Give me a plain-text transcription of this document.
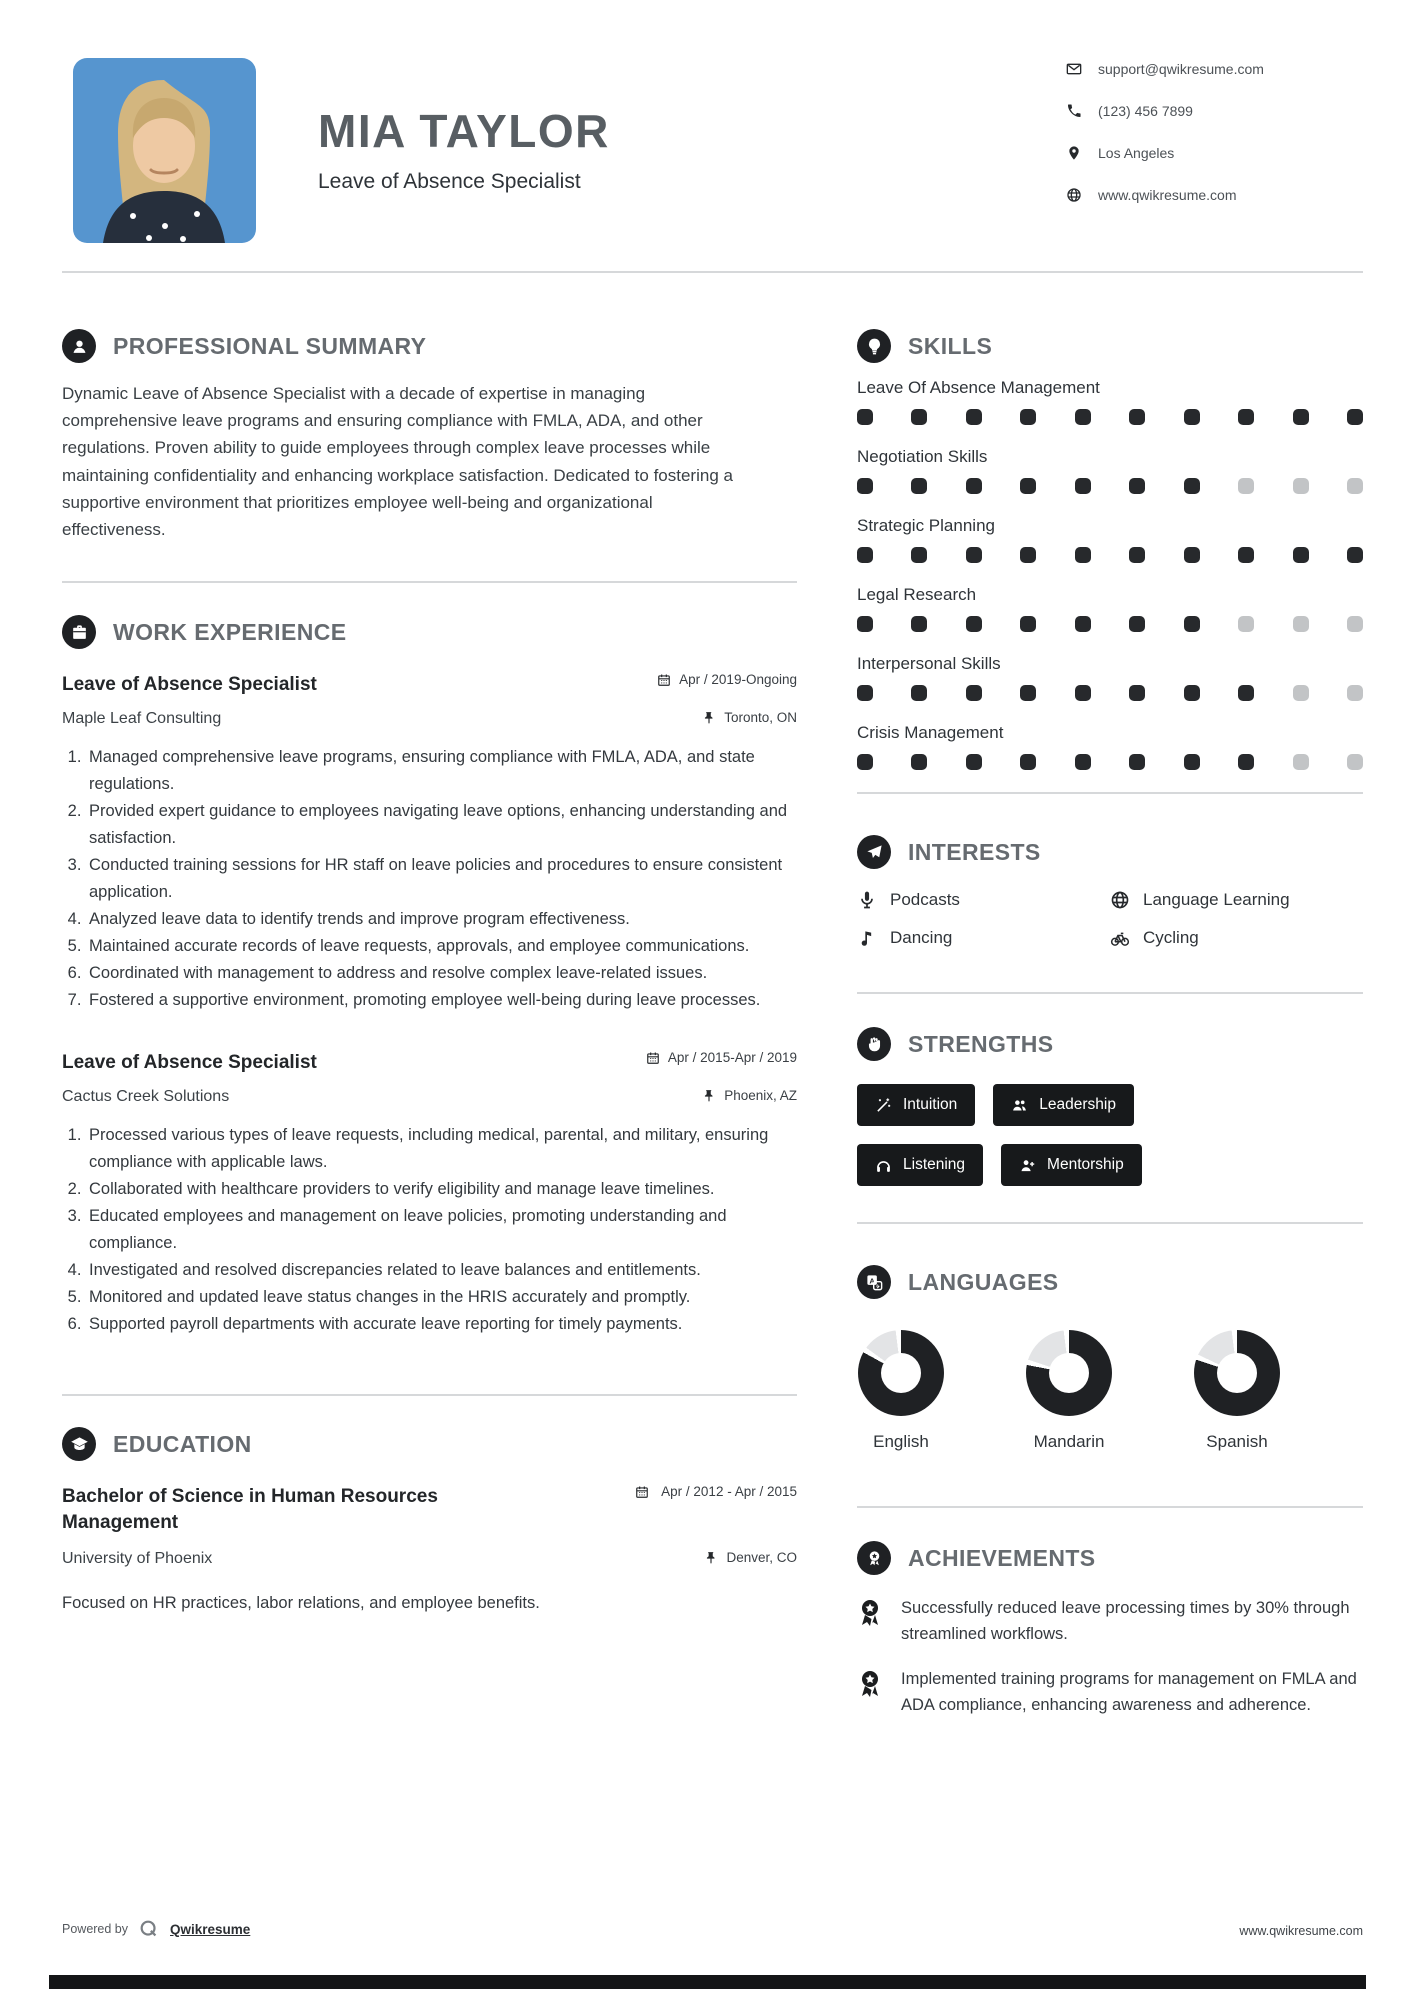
MIA TAYLOR
Leave of Absence Specialist
support@qwikresume.com
(123) 456 7899
Los Angeles
www.qwikresume.com
PROFESSIONAL SUMMARY

Dynamic Leave of Absence Specialist with a decade of expertise in managing comprehensive leave programs and ensuring compliance with FMLA, ADA, and other regulations. Proven ability to guide employees through complex leave processes while maintaining confidentiality and enhancing workplace satisfaction. Dedicated to fostering a supportive environment that prioritizes employee well-being and organizational effectiveness.

WORK EXPERIENCE
Leave of Absence Specialist	Apr / 2019-Ongoing
Maple Leaf Consulting	Toronto, ON
1. Managed comprehensive leave programs, ensuring compliance with FMLA, ADA, and state regulations.
2. Provided expert guidance to employees navigating leave options, enhancing understanding and satisfaction.
3. Conducted training sessions for HR staff on leave policies and procedures to ensure consistent application.
4. Analyzed leave data to identify trends and improve program effectiveness.
5. Maintained accurate records of leave requests, approvals, and employee communications.
6. Coordinated with management to address and resolve complex leave-related issues.
7. Fostered a supportive environment, promoting employee well-being during leave processes.
Leave of Absence Specialist	Apr / 2015-Apr / 2019
Cactus Creek Solutions	Phoenix, AZ
1. Processed various types of leave requests, including medical, parental, and military, ensuring compliance with applicable laws.
2. Collaborated with healthcare providers to verify eligibility and manage leave timelines.
3. Educated employees and management on leave policies, promoting understanding and compliance.
4. Investigated and resolved discrepancies related to leave balances and entitlements.
5. Monitored and updated leave status changes in the HRIS accurately and promptly.
6. Supported payroll departments with accurate leave reporting for timely payments.
EDUCATION
Bachelor of Science in Human Resources Management
Apr / 2012 - Apr / 2015
University of Phoenix	Denver, CO
Focused on HR practices, labor relations, and employee benefits.
SKILLS
Leave Of Absence Management
Negotiation Skills
Strategic Planning
Legal Research
Interpersonal Skills
Crisis Management
INTERESTS
Podcasts	Language Learning
Dancing	Cycling
STRENGTHS
Intuition	Leadership
Listening	Mentorship
A LANGUAGES
English	Mandarin	Spanish
ACHIEVEMENTS

Successfully reduced leave processing times by 30% through streamlined workflows.

Implemented training programs for management on FMLA and ADA compliance, enhancing awareness and adherence.

Powered by	Qwikresume	www.qwikresume.com
